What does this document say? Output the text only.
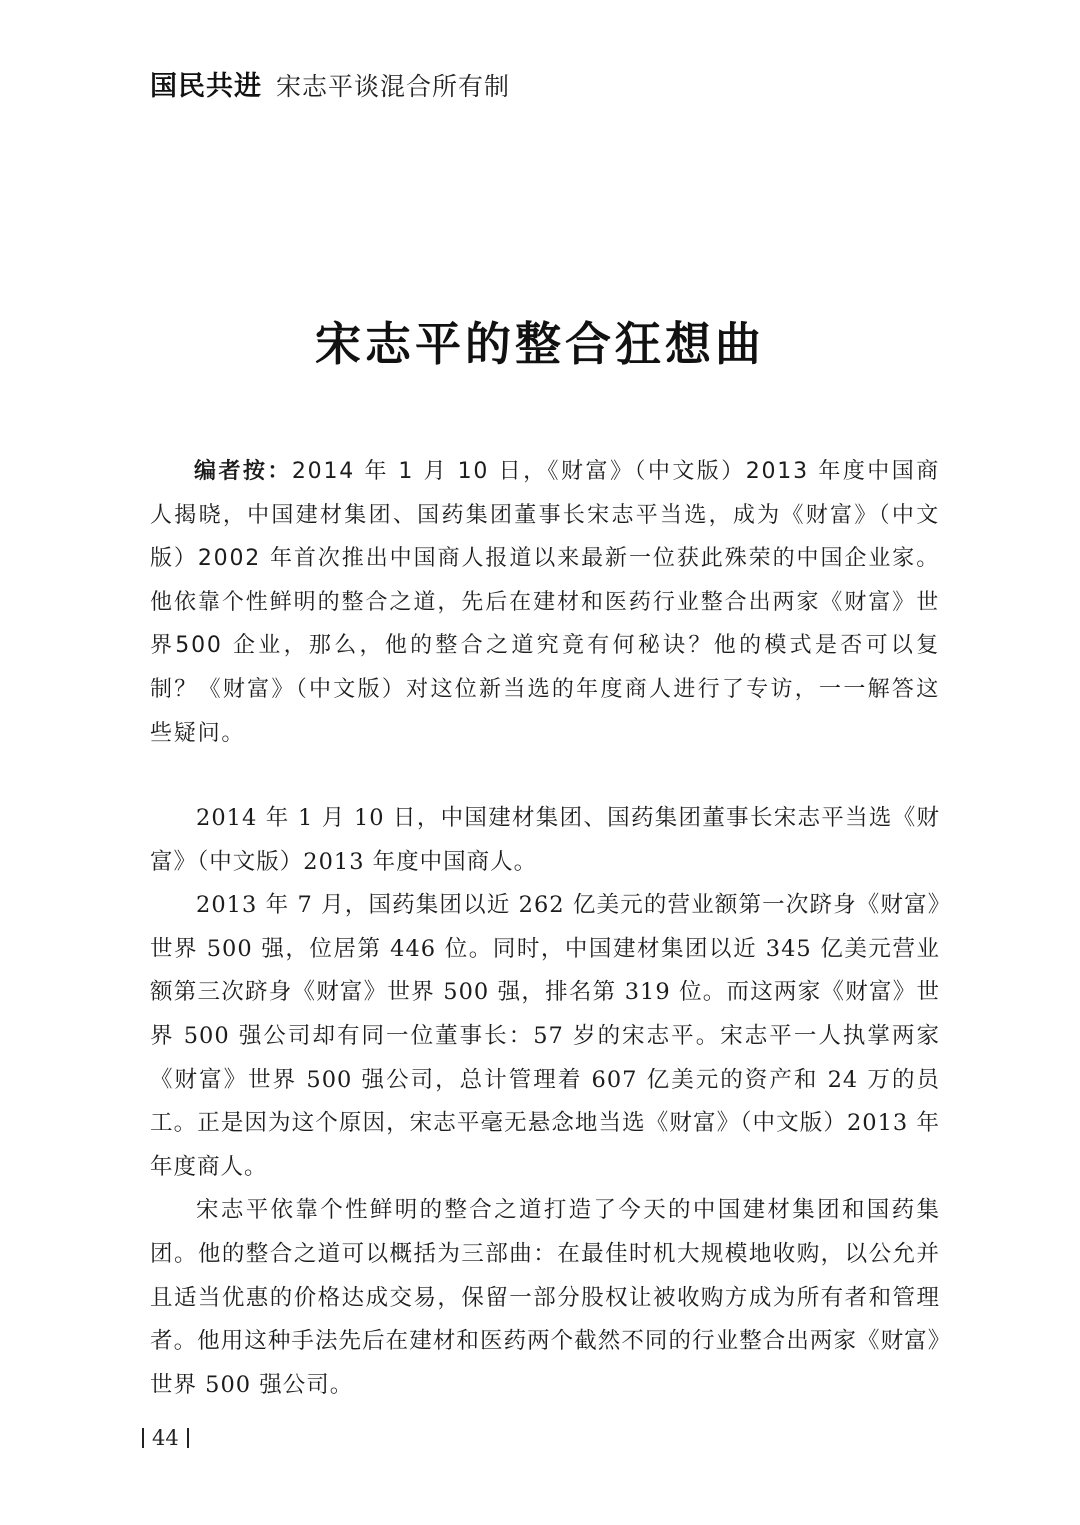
国民共进 宋志平谈混合所有制
宋志平的整合狂想曲

编者按：2014 年 1 月 10 日，《财富》（中文版）2013 年度中国商人揭晓，中国建材集团、国药集团董事长宋志平当选，成为《财富》（中文版）2002 年首次推出中国商人报道以来最新一位获此殊荣的中国企业家。他依靠个性鲜明的整合之道，先后在建材和医药行业整合出两家《财富》世界500 企业，那么，他的整合之道究竟有何秘诀？他的模式是否可以复制？《财富》（中文版）对这位新当选的年度商人进行了专访，一一解答这些疑问。

2014 年 1 月 10 日，中国建材集团、国药集团董事长宋志平当选《财富》（中文版）2013 年度中国商人。

2013 年 7 月，国药集团以近 262 亿美元的营业额第一次跻身《财富》世界 500 强，位居第 446 位。同时，中国建材集团以近 345 亿美元营业额第三次跻身《财富》世界 500 强，排名第 319 位。而这两家《财富》世界 500 强公司却有同一位董事长：57 岁的宋志平。宋志平一人执掌两家《财富》世界 500 强公司，总计管理着 607 亿美元的资产和 24 万的员工。正是因为这个原因，宋志平毫无悬念地当选《财富》（中文版）2013 年年度商人。

宋志平依靠个性鲜明的整合之道打造了今天的中国建材集团和国药集团。他的整合之道可以概括为三部曲：在最佳时机大规模地收购，以公允并且适当优惠的价格达成交易，保留一部分股权让被收购方成为所有者和管理者。他用这种手法先后在建材和医药两个截然不同的行业整合出两家《财富》世界 500 强公司。

44
